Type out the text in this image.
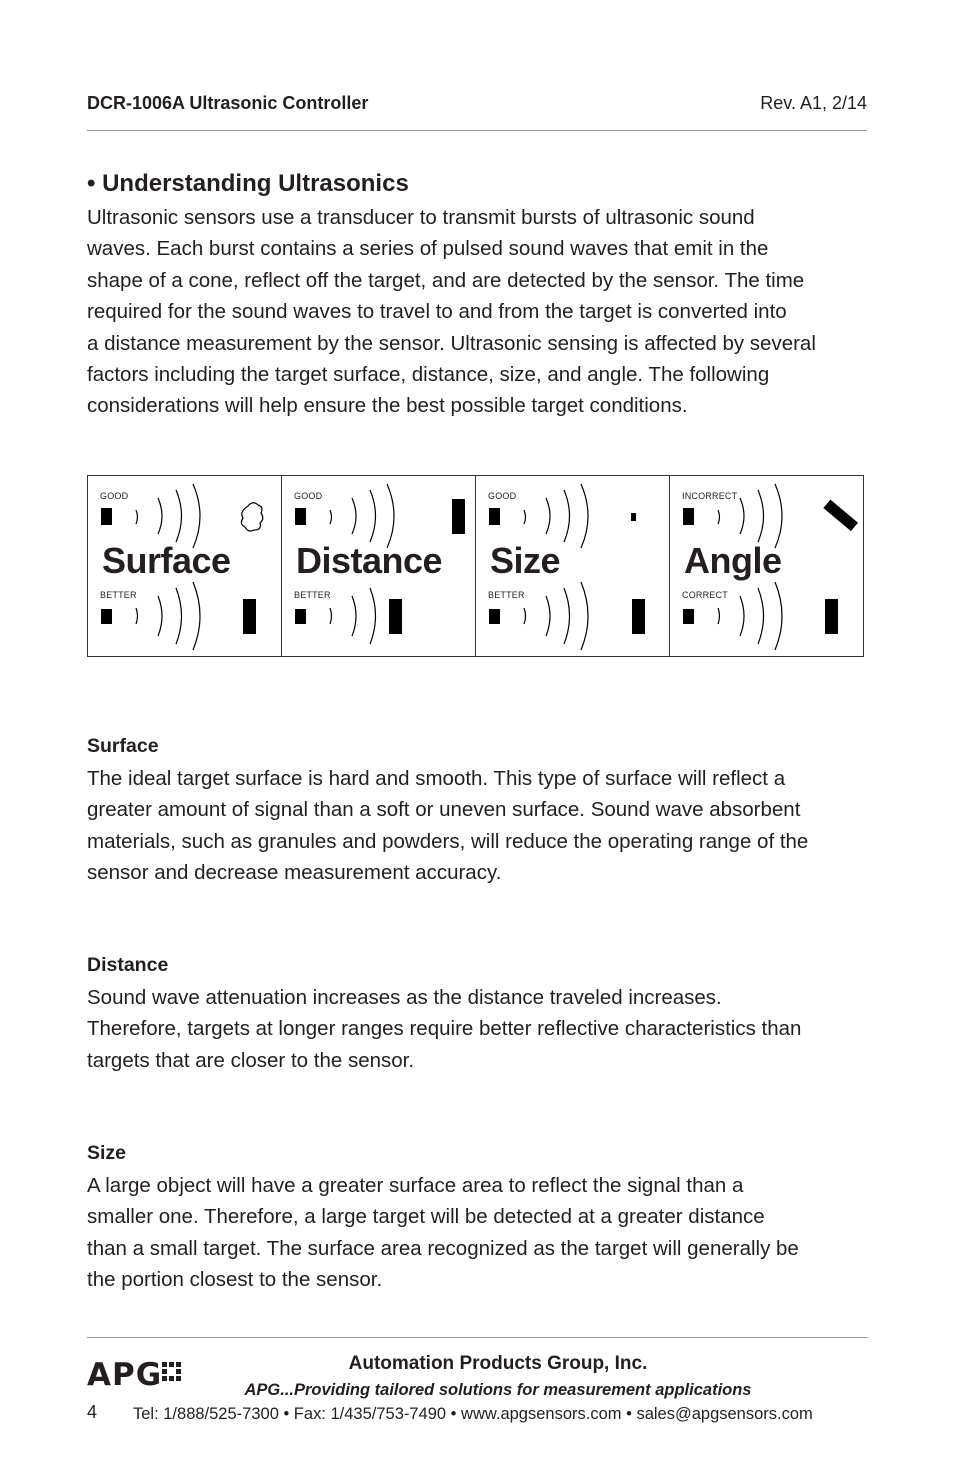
DCR-1006A Ultrasonic Controller	Rev. A1, 2/14
• Understanding Ultrasonics
Ultrasonic sensors use a transducer to transmit bursts of ultrasonic sound
waves. Each burst contains a series of pulsed sound waves that emit in the
shape of a cone, reflect off the target, and are detected by the sensor. The time
required for the sound waves to travel to and from the target is converted into
a distance measurement by the sensor. Ultrasonic sensing is affected by several
factors including the target surface, distance, size, and angle. The following
considerations will help ensure the best possible target conditions.
GOOD
Surface
BETTER
GOOD
Distance
BETTER
GOOD
Size
BETTER
INCORRECT
Angle
CORRECT
Surface
The ideal target surface is hard and smooth. This type of surface will reflect a
greater amount of signal than a soft or uneven surface. Sound wave absorbent
materials, such as granules and powders, will reduce the operating range of the
sensor and decrease measurement accuracy.
Distance
Sound wave attenuation increases as the distance traveled increases.
Therefore, targets at longer ranges require better reflective characteristics than
targets that are closer to the sensor.
Size
A large object will have a greater surface area to reflect the signal than a
smaller one. Therefore, a large target will be detected at a greater distance
than a small target. The surface area recognized as the target will generally be
the portion closest to the sensor.
APG
4
Automation Products Group, Inc.
APG...Providing tailored solutions for measurement applications
Tel: 1/888/525-7300 • Fax: 1/435/753-7490 • www.apgsensors.com • sales@apgsensors.com
